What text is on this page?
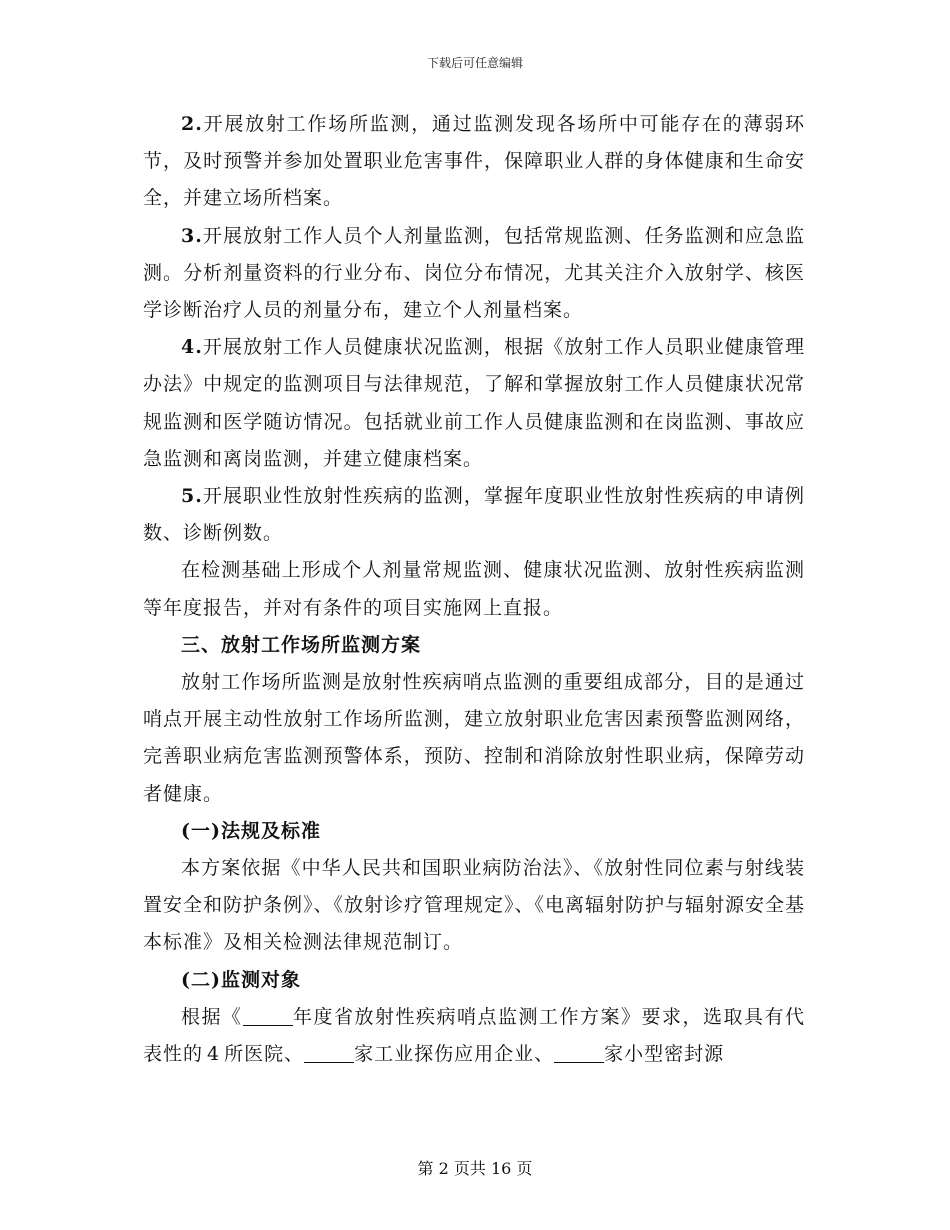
下载后可任意编辑

2.开展放射工作场所监测，通过监测发现各场所中可能存在的薄弱环节，及时预警并参加处置职业危害事件，保障职业人群的身体健康和生命安全，并建立场所档案。

3.开展放射工作人员个人剂量监测，包括常规监测、任务监测和应急监测。分析剂量资料的行业分布、岗位分布情况，尤其关注介入放射学、核医学诊断治疗人员的剂量分布，建立个人剂量档案。

4.开展放射工作人员健康状况监测，根据《放射工作人员职业健康管理办法》中规定的监测项目与法律规范，了解和掌握放射工作人员健康状况常规监测和医学随访情况。包括就业前工作人员健康监测和在岗监测、事故应急监测和离岗监测，并建立健康档案。

5.开展职业性放射性疾病的监测，掌握年度职业性放射性疾病的申请例数、诊断例数。

在检测基础上形成个人剂量常规监测、健康状况监测、放射性疾病监测等年度报告，并对有条件的项目实施网上直报。

三、放射工作场所监测方案

放射工作场所监测是放射性疾病哨点监测的重要组成部分，目的是通过哨点开展主动性放射工作场所监测，建立放射职业危害因素预警监测网络，完善职业病危害监测预警体系，预防、控制和消除放射性职业病，保障劳动者健康。

(一)法规及标准

本方案依据《中华人民共和国职业病防治法》、《放射性同位素与射线装置安全和防护条例》、《放射诊疗管理规定》、《电离辐射防护与辐射源安全基本标准》及相关检测法律规范制订。

(二)监测对象

根据《	年度省放射性疾病哨点监测工作方案》要求，选取具有代表性的 4 所医院、	家工业探伤应用企业、	家小型密封源

第 2 页共 16 页
